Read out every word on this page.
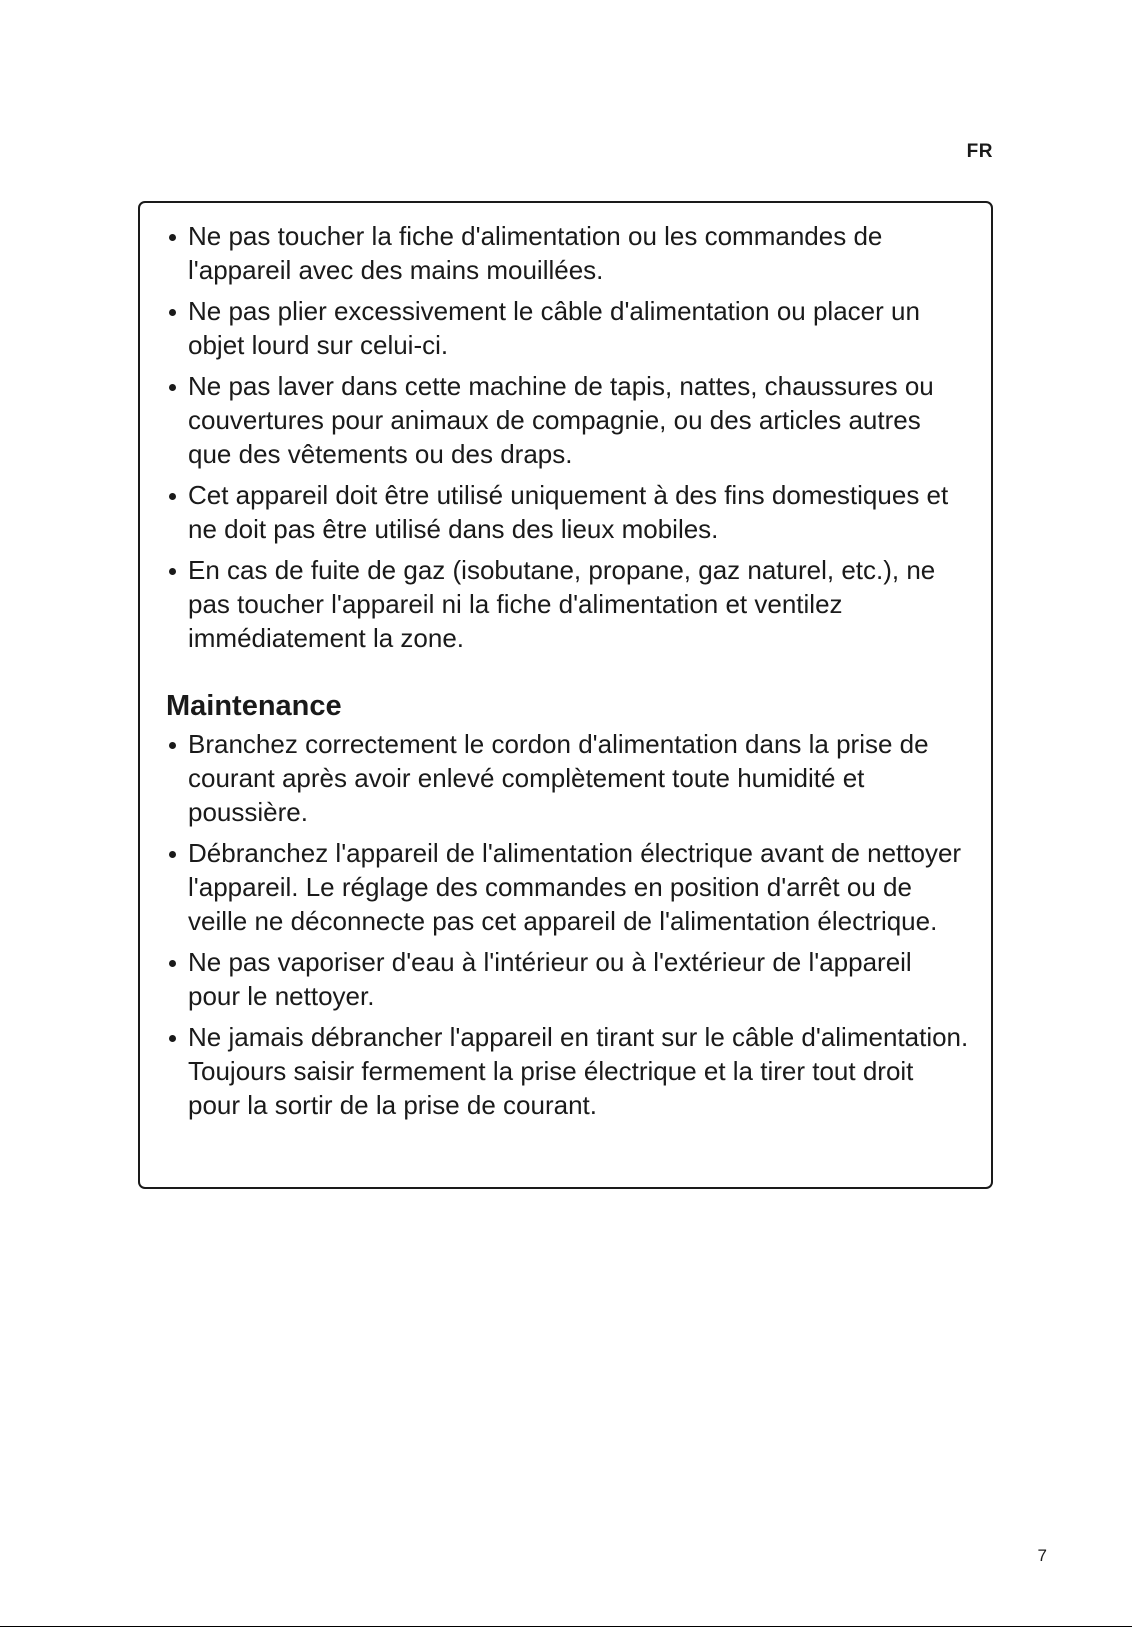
FR
Ne pas toucher la fiche d'alimentation ou les commandes de l'appareil avec des mains mouillées.
Ne pas plier excessivement le câble d'alimentation ou placer un objet lourd sur celui-ci.
Ne pas laver dans cette machine de tapis, nattes, chaussures ou couvertures pour animaux de compagnie, ou des articles autres que des vêtements ou des draps.
Cet appareil doit être utilisé uniquement à des fins domestiques et ne doit pas être utilisé dans des lieux mobiles.
En cas de fuite de gaz (isobutane, propane, gaz naturel, etc.), ne pas toucher l'appareil ni la fiche d'alimentation et ventilez immédiatement la zone.
Maintenance
Branchez correctement le cordon d'alimentation dans la prise de courant après avoir enlevé complètement toute humidité et poussière.
Débranchez l'appareil de l'alimentation électrique avant de nettoyer l'appareil. Le réglage des commandes en position d'arrêt ou de veille ne déconnecte pas cet appareil de l'alimentation électrique.
Ne pas vaporiser d'eau à l'intérieur ou à l'extérieur de l'appareil pour le nettoyer.
Ne jamais débrancher l'appareil en tirant sur le câble d'alimentation. Toujours saisir fermement la prise électrique et la tirer tout droit pour la sortir de la prise de courant.
7
